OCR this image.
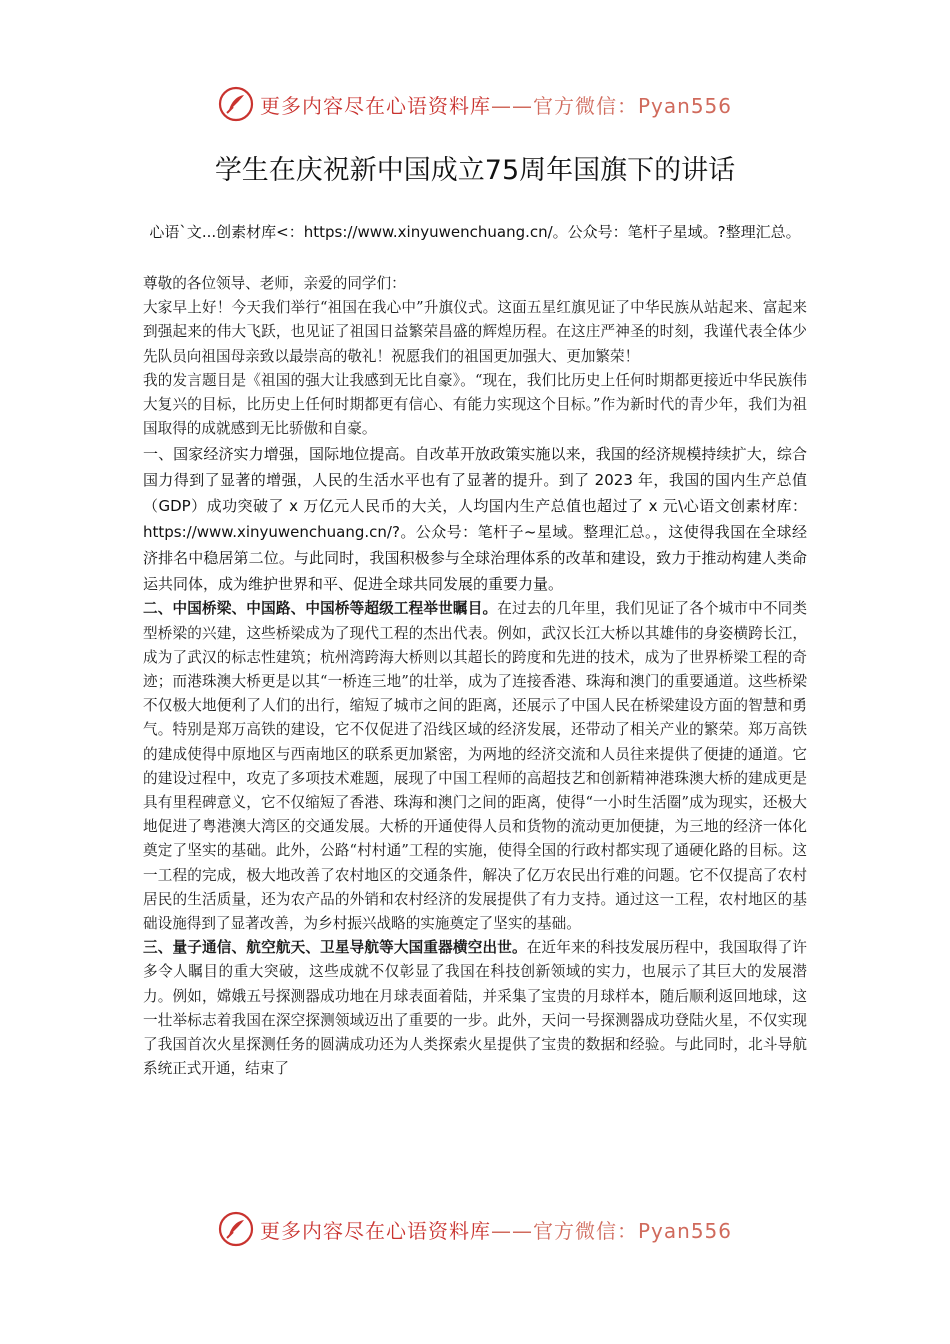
更多内容尽在心语资料库——官方微信：Pyan556
学生在庆祝新中国成立75周年国旗下的讲话
心语`文...创素材库<：https://www.xinyuwenchuang.cn/。公众号：笔杆子星域。?整理汇总。

尊敬的各位领导、老师，亲爱的同学们：

大家早上好！今天我们举行“祖国在我心中”升旗仪式。这面五星红旗见证了中华民族从站起来、富起来到强起来的伟大飞跃，也见证了祖国日益繁荣昌盛的辉煌历程。在这庄严神圣的时刻，我谨代表全体少先队员向祖国母亲致以最崇高的敬礼！祝愿我们的祖国更加强大、更加繁荣！

我的发言题目是《祖国的强大让我感到无比自豪》。“现在，我们比历史上任何时期都更接近中华民族伟大复兴的目标，比历史上任何时期都更有信心、有能力实现这个目标。”作为新时代的青少年，我们为祖国取得的成就感到无比骄傲和自豪。

一、国家经济实力增强，国际地位提高。自改革开放政策实施以来，我国的经济规模持续扩大，综合国力得到了显著的增强，人民的生活水平也有了显著的提升。到了 2023 年，我国的国内生产总值（GDP）成功突破了 x 万亿元人民币的大关，人均国内生产总值也超过了 x 元\心语文创素材库：https://www.xinyuwenchuang.cn/?。公众号：笔杆子~星域。整理汇总。，这使得我国在全球经济排名中稳居第二位。与此同时，我国积极参与全球治理体系的改革和建设，致力于推动构建人类命运共同体，成为维护世界和平、促进全球共同发展的重要力量。

二、中国桥梁、中国路、中国桥等超级工程举世瞩目。在过去的几年里，我们见证了各个城市中不同类型桥梁的兴建，这些桥梁成为了现代工程的杰出代表。例如，武汉长江大桥以其雄伟的身姿横跨长江，成为了武汉的标志性建筑；杭州湾跨海大桥则以其超长的跨度和先进的技术，成为了世界桥梁工程的奇迹；而港珠澳大桥更是以其“一桥连三地”的壮举，成为了连接香港、珠海和澳门的重要通道。这些桥梁不仅极大地便利了人们的出行，缩短了城市之间的距离，还展示了中国人民在桥梁建设方面的智慧和勇气。特别是郑万高铁的建设，它不仅促进了沿线区域的经济发展，还带动了相关产业的繁荣。郑万高铁的建成使得中原地区与西南地区的联系更加紧密，为两地的经济交流和人员往来提供了便捷的通道。它的建设过程中，攻克了多项技术难题，展现了中国工程师的高超技艺和创新精神港珠澳大桥的建成更是具有里程碑意义，它不仅缩短了香港、珠海和澳门之间的距离，使得“一小时生活圈”成为现实，还极大地促进了粤港澳大湾区的交通发展。大桥的开通使得人员和货物的流动更加便捷，为三地的经济一体化奠定了坚实的基础。此外，公路“村村通”工程的实施，使得全国的行政村都实现了通硬化路的目标。这一工程的完成，极大地改善了农村地区的交通条件，解决了亿万农民出行难的问题。它不仅提高了农村居民的生活质量，还为农产品的外销和农村经济的发展提供了有力支持。通过这一工程，农村地区的基础设施得到了显著改善，为乡村振兴战略的实施奠定了坚实的基础。

三、量子通信、航空航天、卫星导航等大国重器横空出世。在近年来的科技发展历程中，我国取得了许多令人瞩目的重大突破，这些成就不仅彰显了我国在科技创新领域的实力，也展示了其巨大的发展潜力。例如，嫦娥五号探测器成功地在月球表面着陆，并采集了宝贵的月球样本，随后顺利返回地球，这一壮举标志着我国在深空探测领域迈出了重要的一步。此外，天问一号探测器成功登陆火星，不仅实现了我国首次火星探测任务的圆满成功还为人类探索火星提供了宝贵的数据和经验。与此同时，北斗导航系统正式开通，结束了

更多内容尽在心语资料库——官方微信：Pyan556
